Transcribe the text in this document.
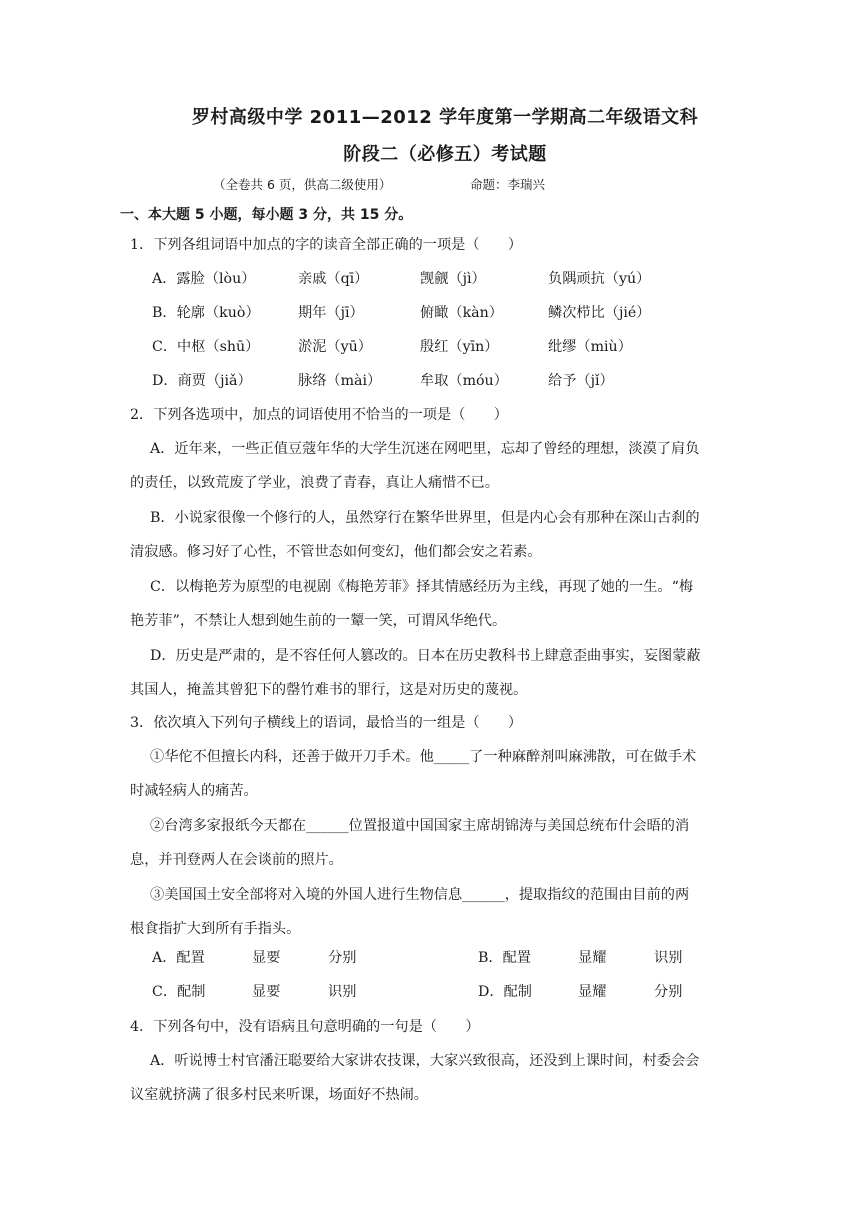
罗村高级中学 2011—2012 学年度第一学期高二年级语文科
阶段二（必修五）考试题
（全卷共 6 页，供高二级使用）	命题：李瑞兴
一、本大题 5 小题，每小题 3 分，共 15 分。
1．下列各组词语中加点的字的读音全部正确的一项是（　　）
A．露脸（lòu）	亲戚（qī）	觊觎（jì）	负隅顽抗（yú）
B．轮廓（kuò）	期年（jī）	俯瞰（kàn）	鳞次栉比（jié）
C．中枢（shū）	淤泥（yū）	殷红（yīn）	纰缪（miù）
D．商贾（jiǎ）	脉络（mài）	牟取（móu）	给予（jǐ）
2．下列各选项中，加点的词语使用不恰当的一项是（　　）
A．近年来，一些正值豆蔻年华的大学生沉迷在网吧里，忘却了曾经的理想，淡漠了肩负
的责任，以致荒废了学业，浪费了青春，真让人痛惜不已。
B．小说家很像一个修行的人，虽然穿行在繁华世界里，但是内心会有那种在深山古刹的
清寂感。修习好了心性，不管世态如何变幻，他们都会安之若素。
C．以梅艳芳为原型的电视剧《梅艳芳菲》择其情感经历为主线，再现了她的一生。“梅
艳芳菲”，不禁让人想到她生前的一颦一笑，可谓风华绝代。
D．历史是严肃的，是不容任何人篡改的。日本在历史教科书上肆意歪曲事实，妄图蒙蔽
其国人，掩盖其曾犯下的罄竹难书的罪行，这是对历史的蔑视。
3．依次填入下列句子横线上的语词，最恰当的一组是（　　）
①华佗不但擅长内科，还善于做开刀手术。他_____了一种麻醉剂叫麻沸散，可在做手术
时减轻病人的痛苦。
②台湾多家报纸今天都在______位置报道中国国家主席胡锦涛与美国总统布什会晤的消
息，并刊登两人在会谈前的照片。
③美国国土安全部将对入境的外国人进行生物信息______，提取指纹的范围由目前的两
根食指扩大到所有手指头。
A．配置	显要	分别	B．配置	显耀	识别
C．配制	显要	识别	D．配制	显耀	分别
4．下列各句中，没有语病且句意明确的一句是（　　）
A．听说博士村官潘汪聪要给大家讲农技课，大家兴致很高，还没到上课时间，村委会会
议室就挤满了很多村民来听课，场面好不热闹。
